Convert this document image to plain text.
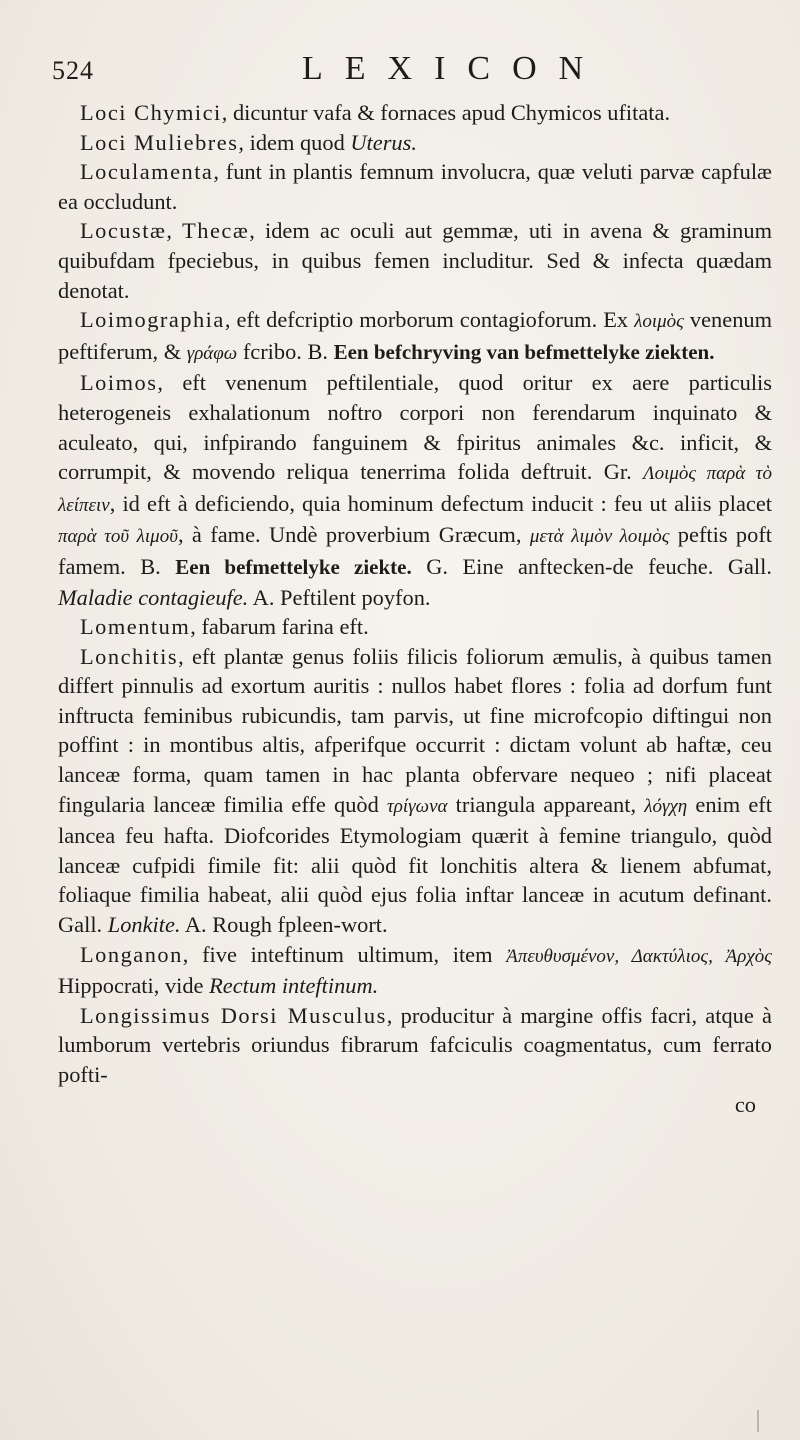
524	LEXICON

Loci Chymici, dicuntur vafa & fornaces apud Chymicos ufitata.

Loci Muliebres, idem quod Uterus.

Loculamenta, funt in plantis femnum involucra, quæ veluti parvæ capfulæ ea occludunt.

Locustæ, Thecæ, idem ac oculi aut gemmæ, uti in avena & graminum quibufdam fpeciebus, in quibus femen includitur. Sed & infecta quædam denotat.

Loimographia, eft defcriptio morborum contagioforum. Ex λοιμὸς venenum peftiferum, & γράφω fcribo. B. Een befchryving van befmettelyke ziekten.

Loimos, eft venenum peftilentiale, quod oritur ex aere particulis heterogeneis exhalationum noftro corpori non ferendarum inquinato & aculeato, qui, infpirando fanguinem & fpiritus animales &c. inficit, & corrumpit, & movendo reliqua tenerrima folida deftruit. Gr. Λοιμὸς παρὰ τὸ λείπειν, id eft à deficiendo, quia hominum defectum inducit : feu ut aliis placet παρὰ τοῦ λιμοῦ, à fame. Undè proverbium Græcum, μετὰ λιμὸν λοιμὸς peftis poft famem. B. Een befmettelyke ziekte. G. Eine anftecken-de feuche. Gall. Maladie contagieufe. A. Peftilent poyfon.

Lomentum, fabarum farina eft.

Lonchitis, eft plantæ genus foliis filicis foliorum æmulis, à quibus tamen differt pinnulis ad exortum auritis : nullos habet flores : folia ad dorfum funt inftructa feminibus rubicundis, tam parvis, ut fine microfcopio diftingui non poffint : in montibus altis, afperifque occurrit : dictam volunt ab haftæ, ceu lanceæ forma, quam tamen in hac planta obfervare nequeo ; nifi placeat fingularia lanceæ fimilia effe quòd τρίγωνα triangula appareant, λόγχη enim eft lancea feu hafta. Diofcorides Etymologiam quærit à femine triangulo, quòd lanceæ cufpidi fimile fit: alii quòd fit lonchitis altera & lienem abfumat, foliaque fimilia habeat, alii quòd ejus folia inftar lanceæ in acutum definant. Gall. Lonkite. A. Rough fpleen-wort.

Longanon, five inteftinum ultimum, item Ἀπευθυσμένον, Δακτύλιος, Ἀρχὸς Hippocrati, vide Rectum inteftinum.

Longissimus Dorsi Musculus, producitur à margine offis facri, atque à lumborum vertebris oriundus fibrarum fafciculis coagmentatus, cum ferrato pofti-

co
